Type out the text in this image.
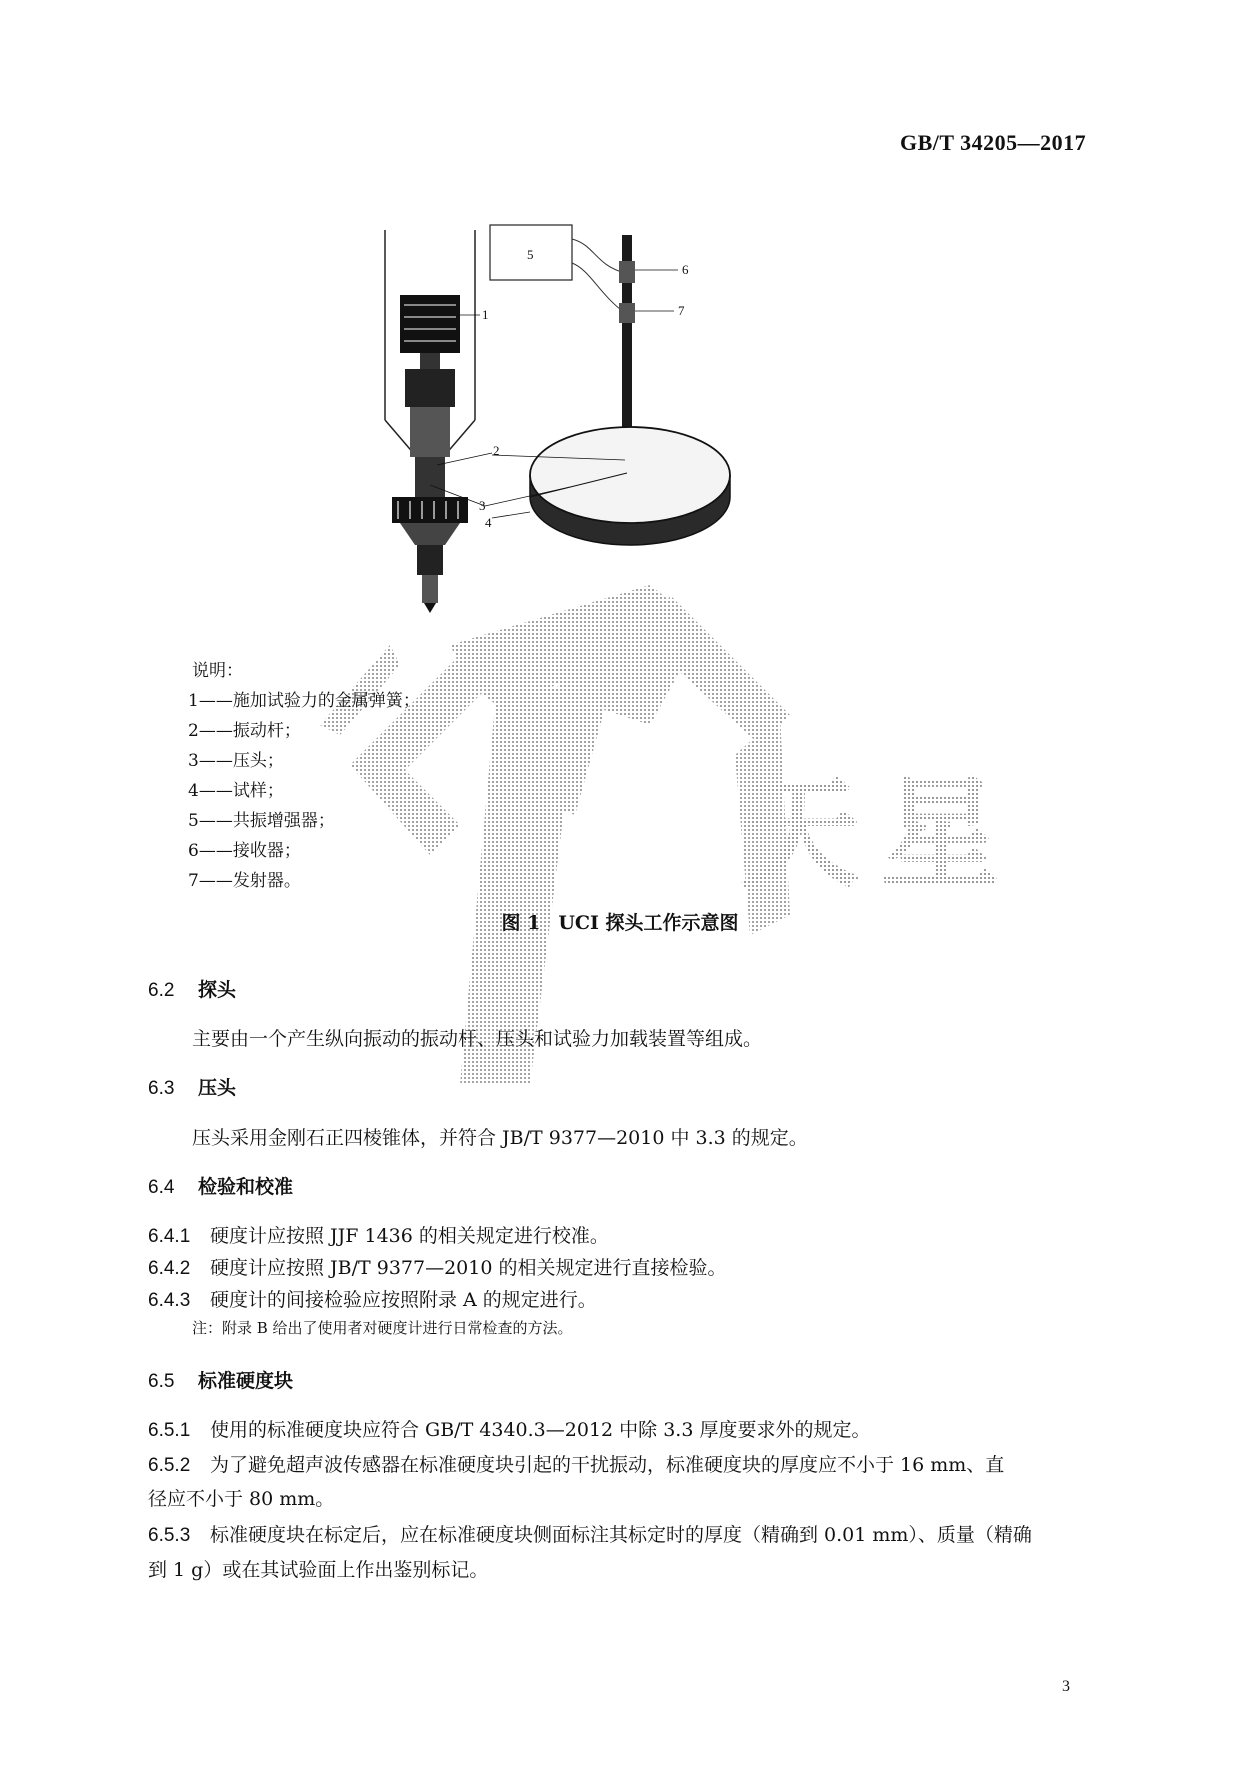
GB/T 34205—2017
天 星
5
1
2
3
4
6
7
说明：
1——施加试验力的金属弹簧；
2——振动杆；
3——压头；
4——试样；
5——共振增强器；
6——接收器；
7——发射器。
图 1 UCI 探头工作示意图
6.2 探头
主要由一个产生纵向振动的振动杆、压头和试验力加载装置等组成。
6.3 压头
压头采用金刚石正四棱锥体，并符合 JB/T 9377—2010 中 3.3 的规定。
6.4 检验和校准
6.4.1 硬度计应按照 JJF 1436 的相关规定进行校准。
6.4.2 硬度计应按照 JB/T 9377—2010 的相关规定进行直接检验。
6.4.3 硬度计的间接检验应按照附录 A 的规定进行。
注：附录 B 给出了使用者对硬度计进行日常检查的方法。
6.5 标准硬度块
6.5.1 使用的标准硬度块应符合 GB/T 4340.3—2012 中除 3.3 厚度要求外的规定。
6.5.2 为了避免超声波传感器在标准硬度块引起的干扰振动，标准硬度块的厚度应不小于 16 mm、直
径应不小于 80 mm。
6.5.3 标准硬度块在标定后，应在标准硬度块侧面标注其标定时的厚度（精确到 0.01 mm）、质量（精确
到 1 g）或在其试验面上作出鉴别标记。
3
